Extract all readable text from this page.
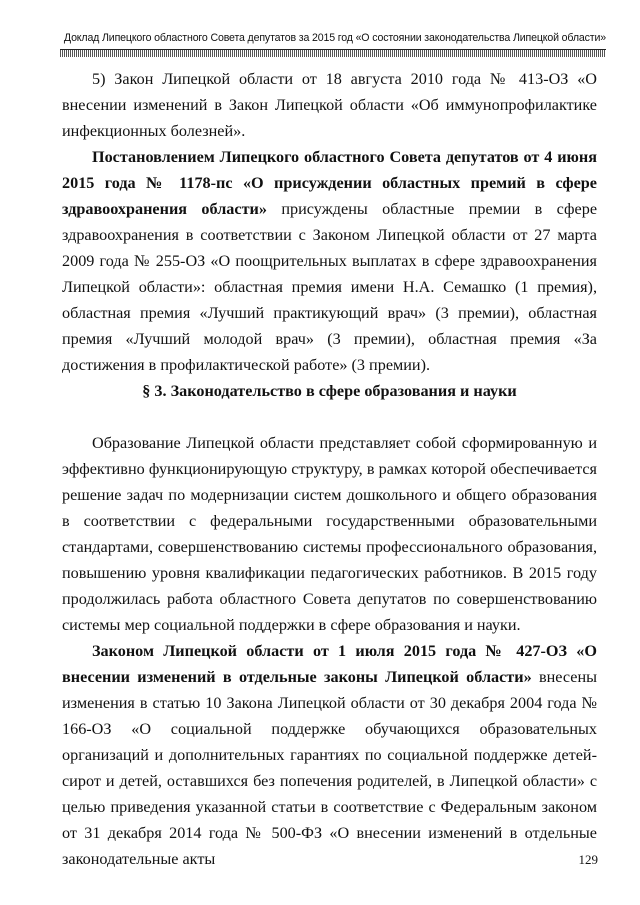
Доклад Липецкого областного Совета депутатов за 2015 год «О состоянии законодательства Липецкой области»

5) Закон Липецкой области от 18 августа 2010 года № 413-ОЗ «О внесении изменений в Закон Липецкой области «Об иммунопрофилактике инфекционных болезней».

Постановлением Липецкого областного Совета депутатов от 4 июня 2015 года № 1178-пс «О присуждении областных премий в сфере здравоохранения области» присуждены областные премии в сфере здравоохранения в соответствии с Законом Липецкой области от 27 марта 2009 года № 255-ОЗ «О поощрительных выплатах в сфере здравоохранения Липецкой области»: областная премия имени Н.А. Семашко (1 премия), областная премия «Лучший практикующий врач» (3 премии), областная премия «Лучший молодой врач» (3 премии), областная премия «За достижения в профилактической работе» (3 премии).

§ 3. Законодательство в сфере образования и науки

Образование Липецкой области представляет собой сформированную и эффективно функционирующую структуру, в рамках которой обеспечивается решение задач по модернизации систем дошкольного и общего образования в соответствии с федеральными государственными образовательными стандартами, совершенствованию системы профессионального образования, повышению уровня квалификации педагогических работников. В 2015 году продолжилась работа областного Совета депутатов по совершенствованию системы мер социальной поддержки в сфере образования и науки.

Законом Липецкой области от 1 июля 2015 года № 427-ОЗ «О внесении изменений в отдельные законы Липецкой области» внесены изменения в статью 10 Закона Липецкой области от 30 декабря 2004 года № 166-ОЗ «О социальной поддержке обучающихся образовательных организаций и дополнительных гарантиях по социальной поддержке детей-сирот и детей, оставшихся без попечения родителей, в Липецкой области» с целью приведения указанной статьи в соответствие с Федеральным законом от 31 декабря 2014 года № 500-ФЗ «О внесении изменений в отдельные законодательные акты	129
